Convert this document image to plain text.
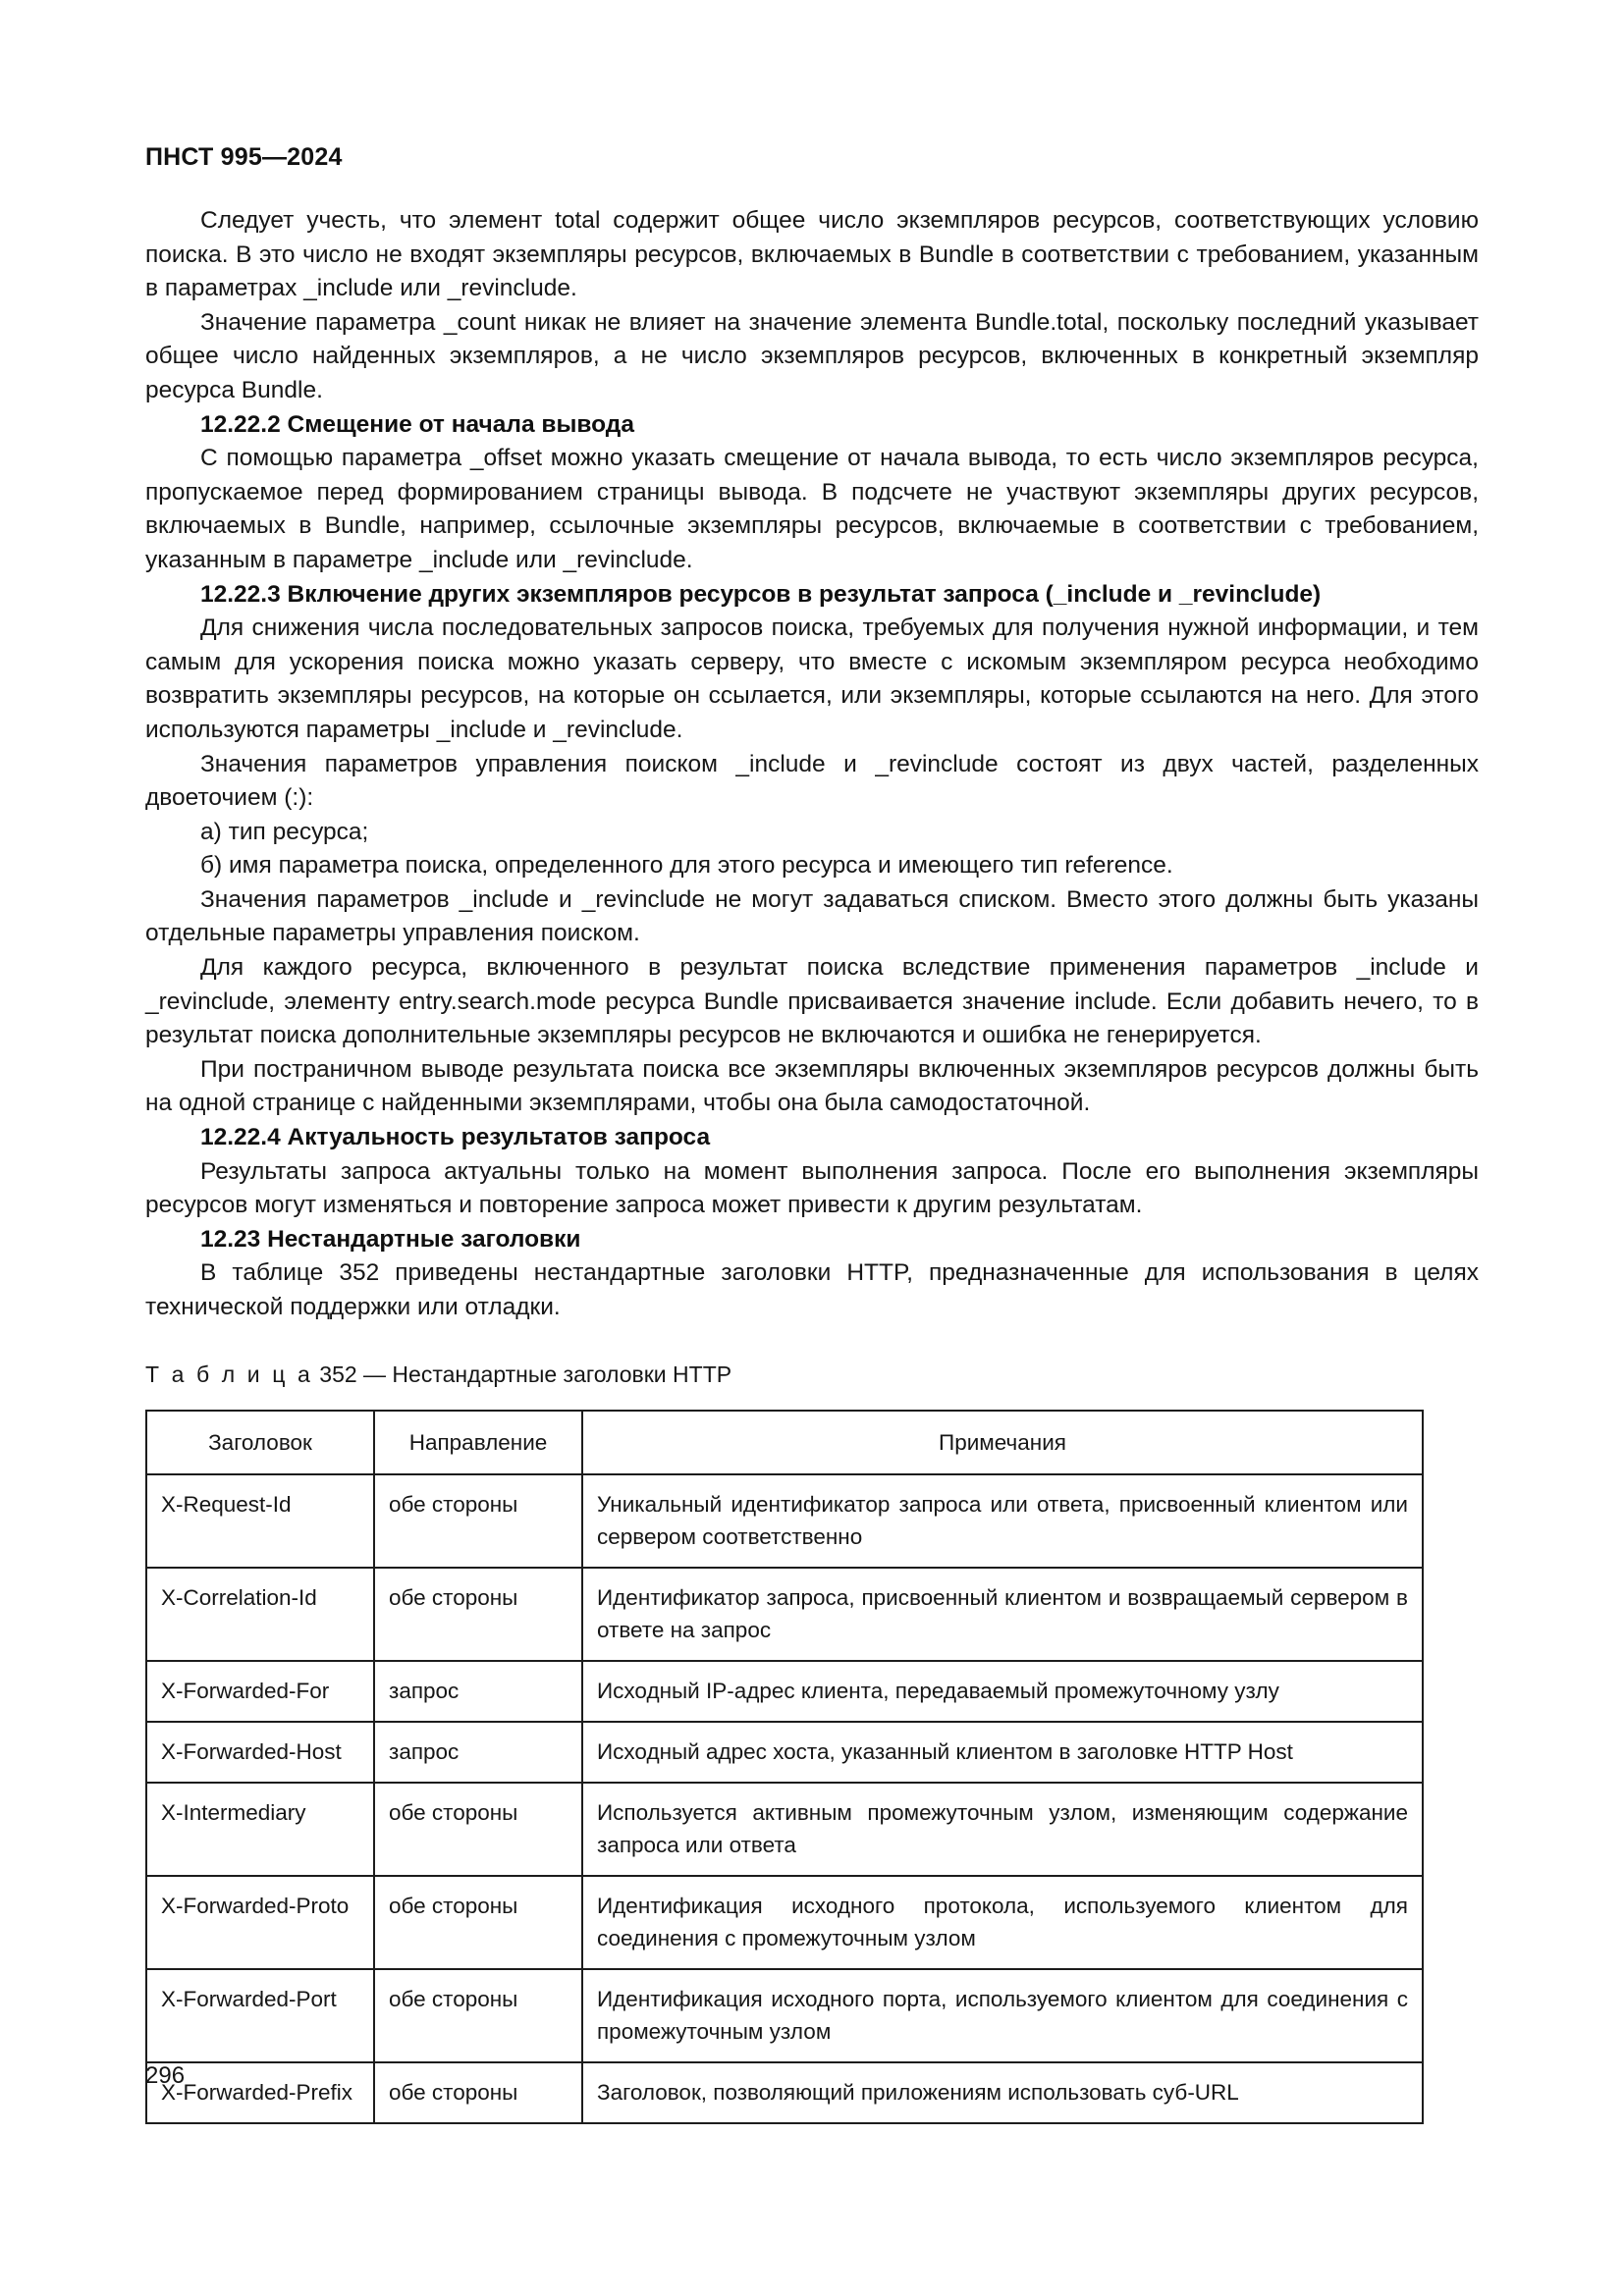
ПНСТ 995—2024

Следует учесть, что элемент total содержит общее число экземпляров ресурсов, соответствующих условию поиска. В это число не входят экземпляры ресурсов, включаемых в Bundle в соответствии с требованием, указанным в параметрах _include или _revinclude.

Значение параметра _count никак не влияет на значение элемента Bundle.total, поскольку последний указывает общее число найденных экземпляров, а не число экземпляров ресурсов, включенных в конкретный экземпляр ресурса Bundle.

12.22.2 Смещение от начала вывода

С помощью параметра _offset можно указать смещение от начала вывода, то есть число экземпляров ресурса, пропускаемое перед формированием страницы вывода. В подсчете не участвуют экземпляры других ресурсов, включаемых в Bundle, например, ссылочные экземпляры ресурсов, включаемые в соответствии с требованием, указанным в параметре _include или _revinclude.

12.22.3 Включение других экземпляров ресурсов в результат запроса (_include и _revinclude)

Для снижения числа последовательных запросов поиска, требуемых для получения нужной информации, и тем самым для ускорения поиска можно указать серверу, что вместе с искомым экземпляром ресурса необходимо возвратить экземпляры ресурсов, на которые он ссылается, или экземпляры, которые ссылаются на него. Для этого используются параметры _include и _revinclude.

Значения параметров управления поиском _include и _revinclude состоят из двух частей, разделенных двоеточием (:):

а) тип ресурса;

б) имя параметра поиска, определенного для этого ресурса и имеющего тип reference.

Значения параметров _include и _revinclude не могут задаваться списком. Вместо этого должны быть указаны отдельные параметры управления поиском.

Для каждого ресурса, включенного в результат поиска вследствие применения параметров _include и _revinclude, элементу entry.search.mode ресурса Bundle присваивается значение include. Если добавить нечего, то в результат поиска дополнительные экземпляры ресурсов не включаются и ошибка не генерируется.

При постраничном выводе результата поиска все экземпляры включенных экземпляров ресурсов должны быть на одной странице с найденными экземплярами, чтобы она была самодостаточной.

12.22.4 Актуальность результатов запроса

Результаты запроса актуальны только на момент выполнения запроса. После его выполнения экземпляры ресурсов могут изменяться и повторение запроса может привести к другим результатам.

12.23 Нестандартные заголовки

В таблице 352 приведены нестандартные заголовки HTTP, предназначенные для использования в целях технической поддержки или отладки.

Т а б л и ц а 352 — Нестандартные заголовки HTTP

Заголовок	Направление	Примечания
X-Request-Id	обе стороны	Уникальный идентификатор запроса или ответа, присвоенный клиентом или сервером соответственно
X-Correlation-Id	обе стороны	Идентификатор запроса, присвоенный клиентом и возвращаемый сервером в ответе на запрос
X-Forwarded-For	запрос	Исходный IP-адрес клиента, передаваемый промежуточному узлу
X-Forwarded-Host	запрос	Исходный адрес хоста, указанный клиентом в заголовке HTTP Host
X-Intermediary	обе стороны	Используется активным промежуточным узлом, изменяющим содержание запроса или ответа
X-Forwarded-Proto	обе стороны	Идентификация исходного протокола, используемого клиентом для соединения с промежуточным узлом
X-Forwarded-Port	обе стороны	Идентификация исходного порта, используемого клиентом для соединения с промежуточным узлом
X-Forwarded-Prefix	обе стороны	Заголовок, позволяющий приложениям использовать суб-URL
296
